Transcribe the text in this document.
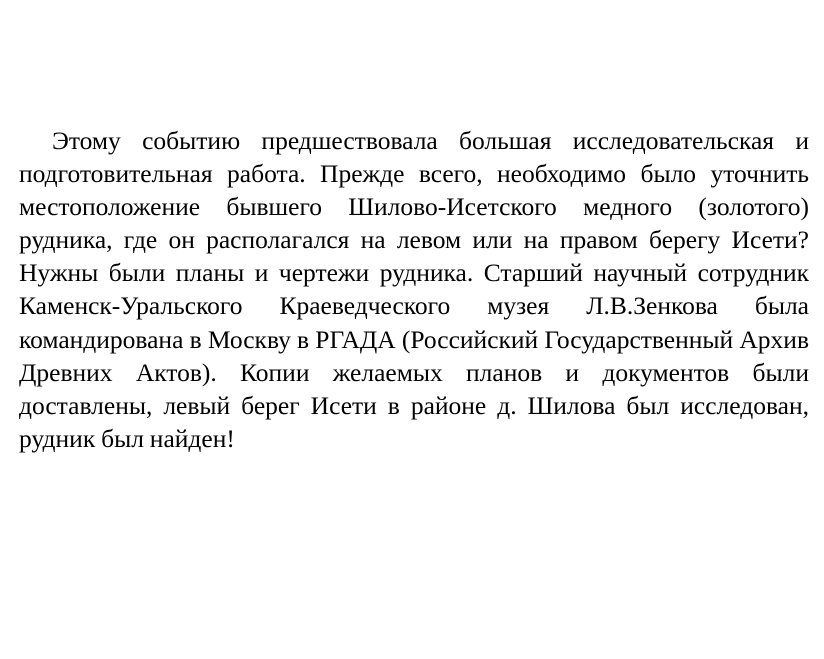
Этому событию предшествовала большая исследовательская и подготовительная работа. Прежде всего, необходимо было уточнить местоположение бывшего Шилово-Исетского медного (золотого) рудника, где он располагался на левом или на правом берегу Исети? Нужны были планы и чертежи рудника. Старший научный сотрудник Каменск-Уральского Краеведческого музея Л.В.Зенкова была командирована в Москву в РГАДА (Российский Государственный Архив Древних Актов). Копии желаемых планов и документов были доставлены, левый берег Исети в районе д. Шилова был исследован, рудник был найден!
